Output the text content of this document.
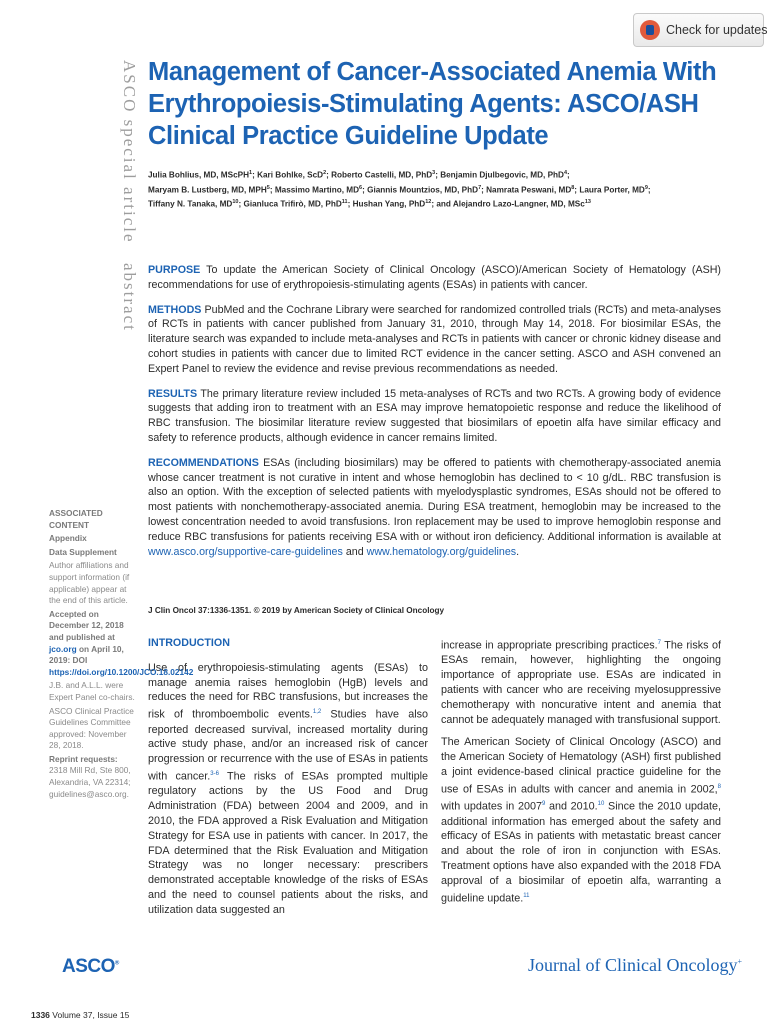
Check for updates
ASCO special article
abstract
Management of Cancer-Associated Anemia With Erythropoiesis-Stimulating Agents: ASCO/ASH Clinical Practice Guideline Update
Julia Bohlius, MD, MScPH$^1$; Kari Bohlke, ScD$^2$; Roberto Castelli, MD, PhD$^3$; Benjamin Djulbegovic, MD, PhD$^4$;
Maryam B. Lustberg, MD, MPH$^5$; Massimo Martino, $MD^6$; Giannis Mountzios, MD, PhD$^7$; Namrata Peswani, $MD^8$; Laura Porter, $MD^9$;
Tiffany N. Tanaka, MD$^{10}$; Gianluca Trifirò, MD, PhD$^{11}$; Hushan Yang, PhD$^{12}$; and Alejandro Lazo-Langner, MD, MSc$^{13}$

PURPOSE To update the American Society of Clinical Oncology (ASCO)/American Society of Hematology (ASH) recommendations for use of erythropoiesis-stimulating agents (ESAs) in patients with cancer.

METHODS PubMed and the Cochrane Library were searched for randomized controlled trials (RCTs) and meta-analyses of RCTs in patients with cancer published from January 31, 2010, through May 14, 2018. For biosimilar ESAs, the literature search was expanded to include meta-analyses and RCTs in patients with cancer or chronic kidney disease and cohort studies in patients with cancer due to limited RCT evidence in the cancer setting. ASCO and ASH convened an Expert Panel to review the evidence and revise previous recommendations as needed.

RESULTS The primary literature review included 15 meta-analyses of RCTs and two RCTs. A growing body of evidence suggests that adding iron to treatment with an ESA may improve hematopoietic response and reduce the likelihood of RBC transfusion. The biosimilar literature review suggested that biosimilars of epoetin alfa have similar efficacy and safety to reference products, although evidence in cancer remains limited.

RECOMMENDATIONS ESAs (including biosimilars) may be offered to patients with chemotherapy-associated anemia whose cancer treatment is not curative in intent and whose hemoglobin has declined to < 10 g/dL. RBC transfusion is also an option. With the exception of selected patients with myelodysplastic syndromes, ESAs should not be offered to most patients with nonchemotherapy-associated anemia. During ESA treatment, hemoglobin may be increased to the lowest concentration needed to avoid transfusions. Iron replacement may be used to improve hemoglobin response and reduce RBC transfusions for patients receiving ESA with or without iron deficiency. Additional information is available at www.asco.org/supportive-care-guidelines and www.hematology.org/guidelines.

J Clin Oncol 37:1336-1351. © 2019 by American Society of Clinical Oncology
INTRODUCTION

Use of erythropoiesis-stimulating agents (ESAs) to manage anemia raises hemoglobin (HgB) levels and reduces the need for RBC transfusions, but increases the risk of thromboembolic events.$^{1,2}$ Studies have also reported decreased survival, increased mortality during active study phase, and/or an increased risk of cancer progression or recurrence with the use of ESAs in patients with cancer.$^{3-6}$ The risks of ESAs prompted multiple regulatory actions by the US Food and Drug Administration (FDA) between 2004 and 2009, and in 2010, the FDA approved a Risk Evaluation and Mitigation Strategy for ESA use in patients with cancer. In 2017, the FDA determined that the Risk Evaluation and Mitigation Strategy was no longer necessary: prescribers demonstrated acceptable knowledge of the risks of ESAs and the need to counsel patients about the risks, and utilization data suggested an

increase in appropriate prescribing practices.$^7$ The risks of ESAs remain, however, highlighting the ongoing importance of appropriate use. ESAs are indicated in patients with cancer who are receiving myelosuppressive chemotherapy with noncurative intent and anemia that cannot be adequately managed with transfusional support.

The American Society of Clinical Oncology (ASCO) and the American Society of Hematology (ASH) first published a joint evidence-based clinical practice guideline for the use of ESAs in adults with cancer and anemia in 2002,$^8$ with updates in 2007$^9$ and 2010.10 Since the 2010 update, additional information has emerged about the safety and efficacy of ESAs in patients with metastatic breast cancer and about the role of iron in conjunction with ESAs. Treatment options have also expanded with the 2018 FDA approval of a biosimilar of epoetin alfa, warranting a guideline update.$^{11}$

ASSOCIATED CONTENT
Appendix
Data Supplement
Author affiliations and support information (if applicable) appear at the end of this article.
Accepted on December 12, 2018 and published at jco.org on April 10, 2019: DOI https://doi.org/10.1200/JCO.18.02142
J.B. and A.L.L. were Expert Panel co-chairs.
ASCO Clinical Practice Guidelines Committee approved: November 28, 2018.
Reprint requests: 2318 Mill Rd, Ste 800, Alexandria, VA 22314; guidelines@asco.org.
ASCO®
1336 Volume 37, Issue 15
Journal of Clinical Oncology+
